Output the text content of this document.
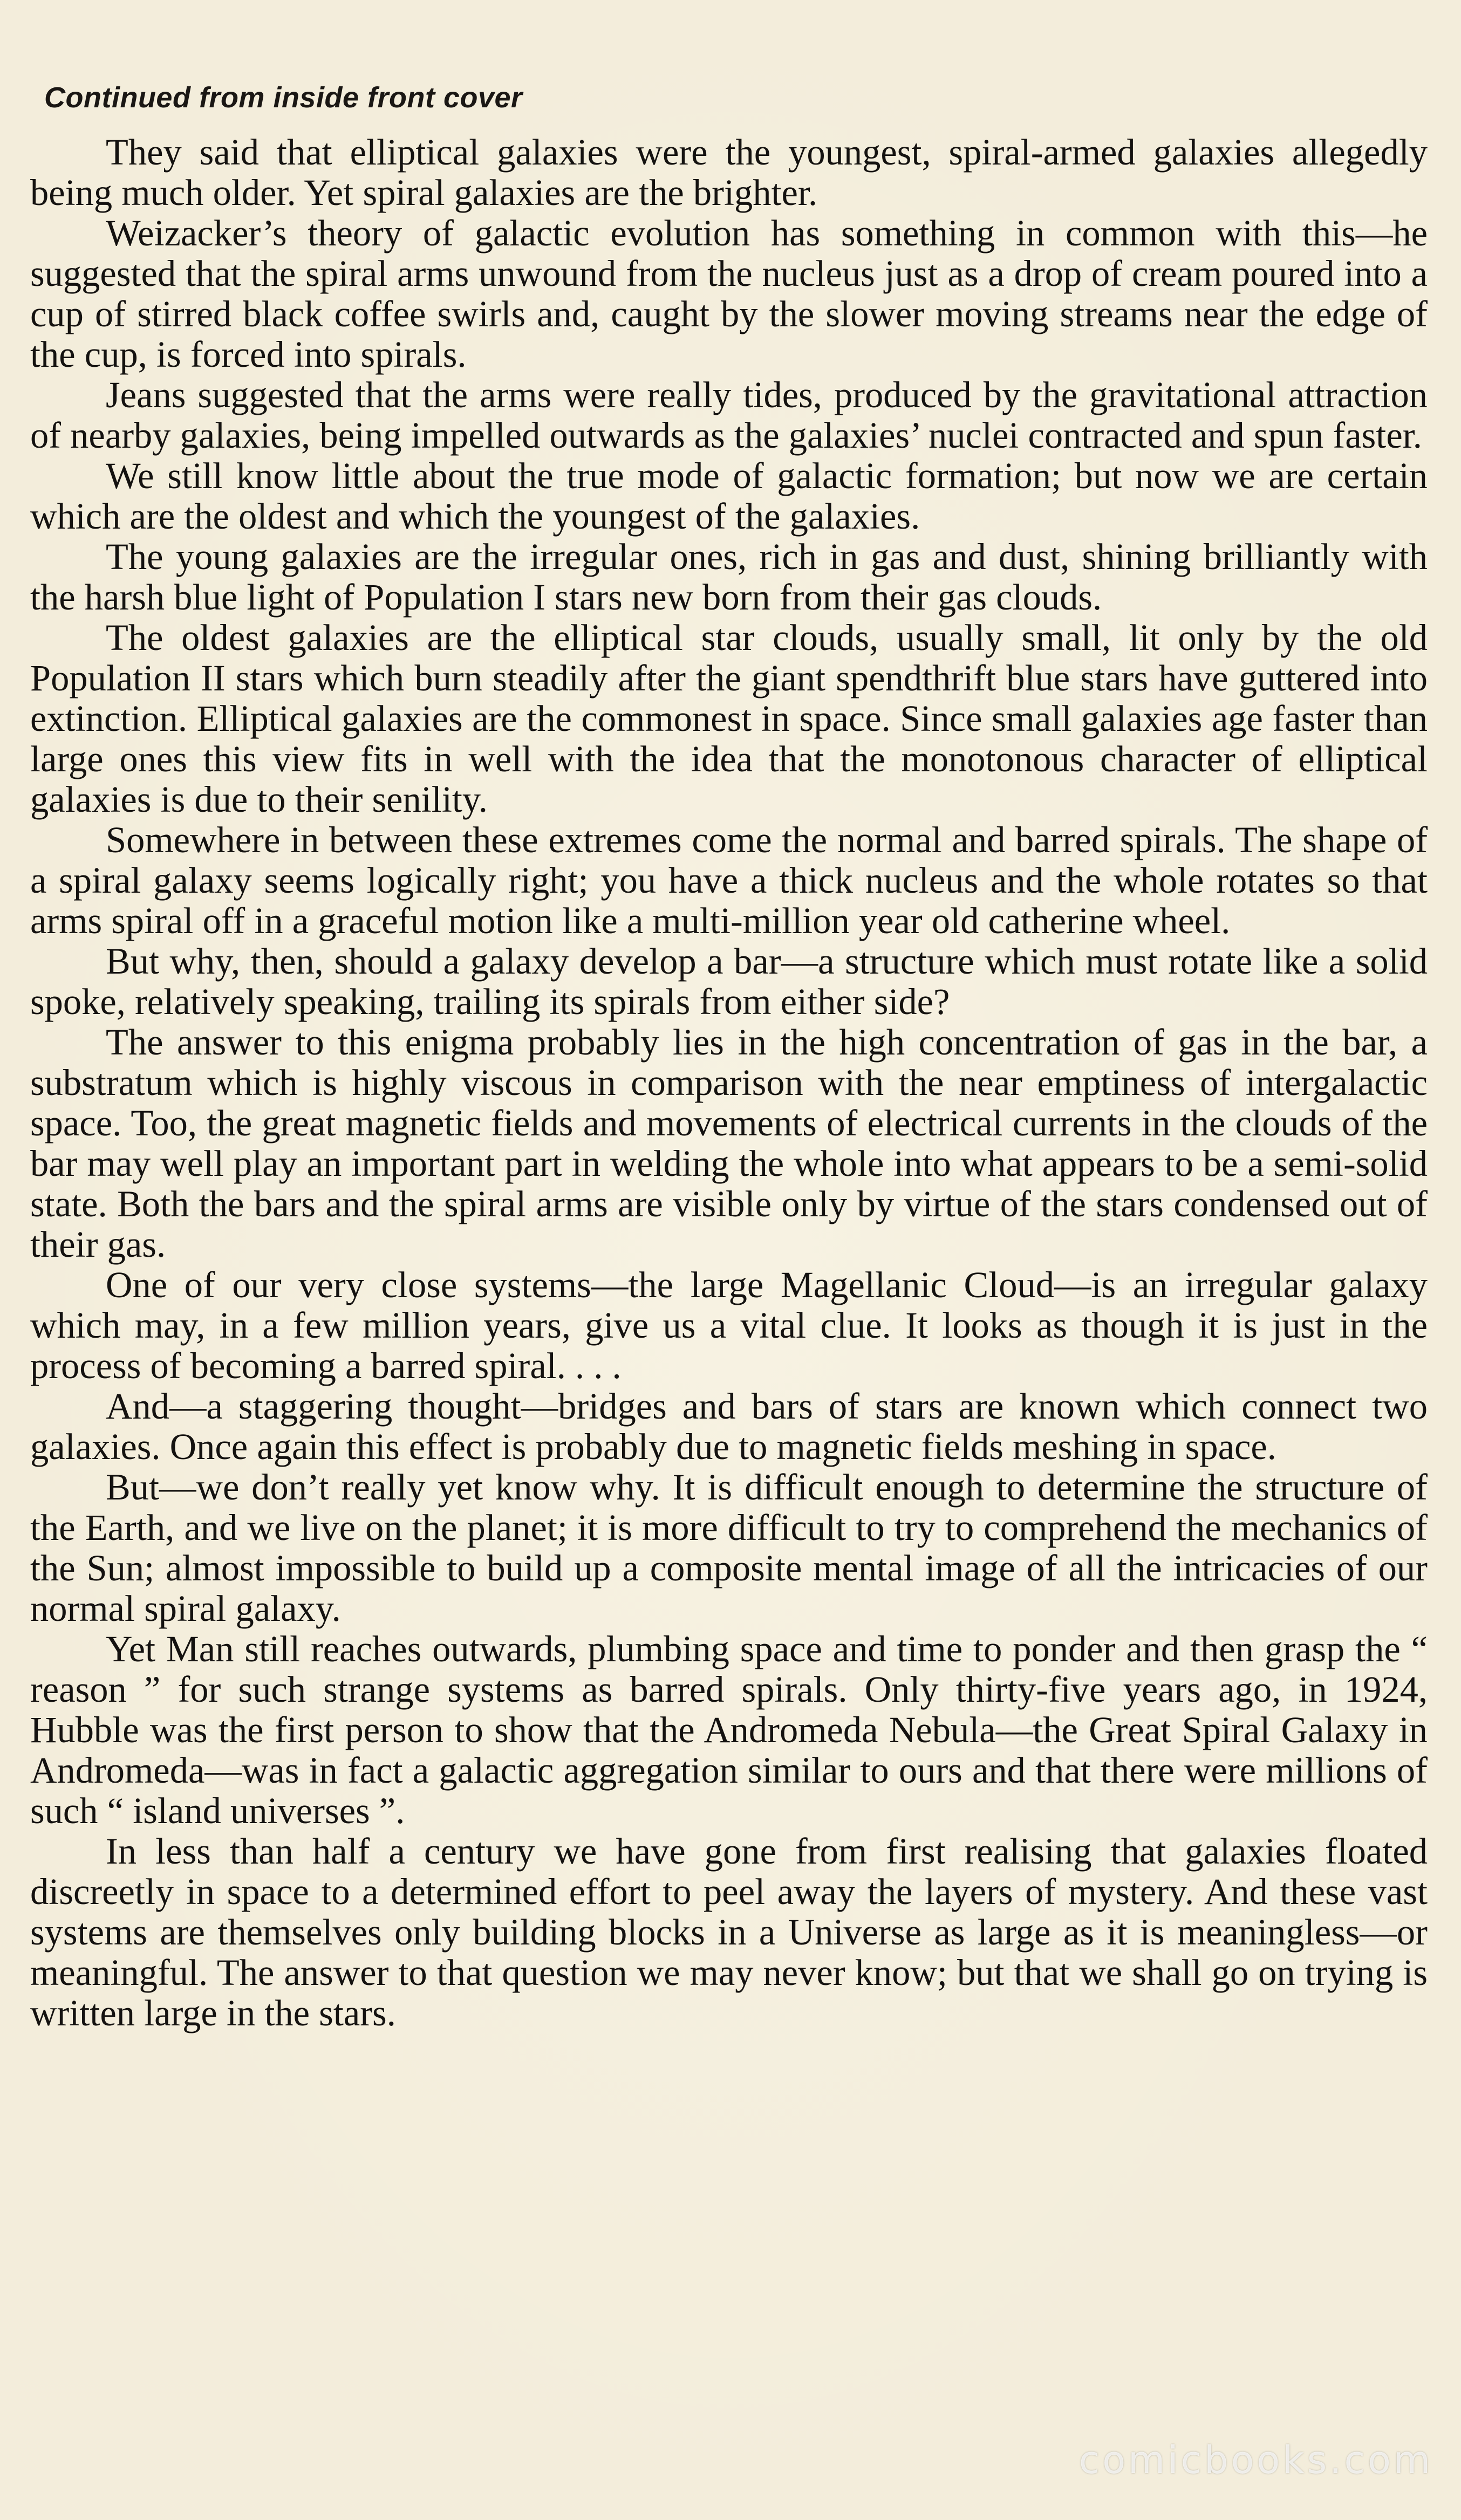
Continued from inside front cover

They said that elliptical galaxies were the youngest, spiral-armed galaxies allegedly being much older. Yet spiral galaxies are the brighter.

Weizacker’s theory of galactic evolution has something in common with this—he suggested that the spiral arms unwound from the nucleus just as a drop of cream poured into a cup of stirred black coffee swirls and, caught by the slower moving streams near the edge of the cup, is forced into spirals.

Jeans suggested that the arms were really tides, produced by the gravitational attraction of nearby galaxies, being impelled outwards as the galaxies’ nuclei contracted and spun faster.

We still know little about the true mode of galactic formation; but now we are certain which are the oldest and which the youngest of the galaxies.

The young galaxies are the irregular ones, rich in gas and dust, shining brilliantly with the harsh blue light of Population I stars new born from their gas clouds.

The oldest galaxies are the elliptical star clouds, usually small, lit only by the old Population II stars which burn steadily after the giant spendthrift blue stars have guttered into extinction. Elliptical galaxies are the commonest in space. Since small galaxies age faster than large ones this view fits in well with the idea that the monotonous character of elliptical galaxies is due to their senility.

Somewhere in between these extremes come the normal and barred spirals. The shape of a spiral galaxy seems logically right; you have a thick nucleus and the whole rotates so that arms spiral off in a graceful motion like a multi-million year old catherine wheel.

But why, then, should a galaxy develop a bar—a structure which must rotate like a solid spoke, relatively speaking, trailing its spirals from either side?

The answer to this enigma probably lies in the high concentration of gas in the bar, a substratum which is highly viscous in comparison with the near emptiness of intergalactic space. Too, the great magnetic fields and movements of electrical currents in the clouds of the bar may well play an important part in welding the whole into what appears to be a semi-solid state. Both the bars and the spiral arms are visible only by virtue of the stars condensed out of their gas.

One of our very close systems—the large Magellanic Cloud—is an irregular galaxy which may, in a few million years, give us a vital clue. It looks as though it is just in the process of becoming a barred spiral. . . .

And—a staggering thought—bridges and bars of stars are known which connect two galaxies. Once again this effect is probably due to magnetic fields meshing in space.

But—we don’t really yet know why. It is difficult enough to determine the structure of the Earth, and we live on the planet; it is more difficult to try to comprehend the mechanics of the Sun; almost impossible to build up a composite mental image of all the intricacies of our normal spiral galaxy.

Yet Man still reaches outwards, plumbing space and time to ponder and then grasp the “ reason ” for such strange systems as barred spirals. Only thirty-five years ago, in 1924, Hubble was the first person to show that the Andromeda Nebula—the Great Spiral Galaxy in Andromeda—was in fact a galactic aggregation similar to ours and that there were millions of such “ island universes ”.

In less than half a century we have gone from first realising that galaxies floated discreetly in space to a determined effort to peel away the layers of mystery. And these vast systems are themselves only building blocks in a Universe as large as it is meaningless—or meaningful. The answer to that question we may never know; but that we shall go on trying is written large in the stars.

comicbooks.com
